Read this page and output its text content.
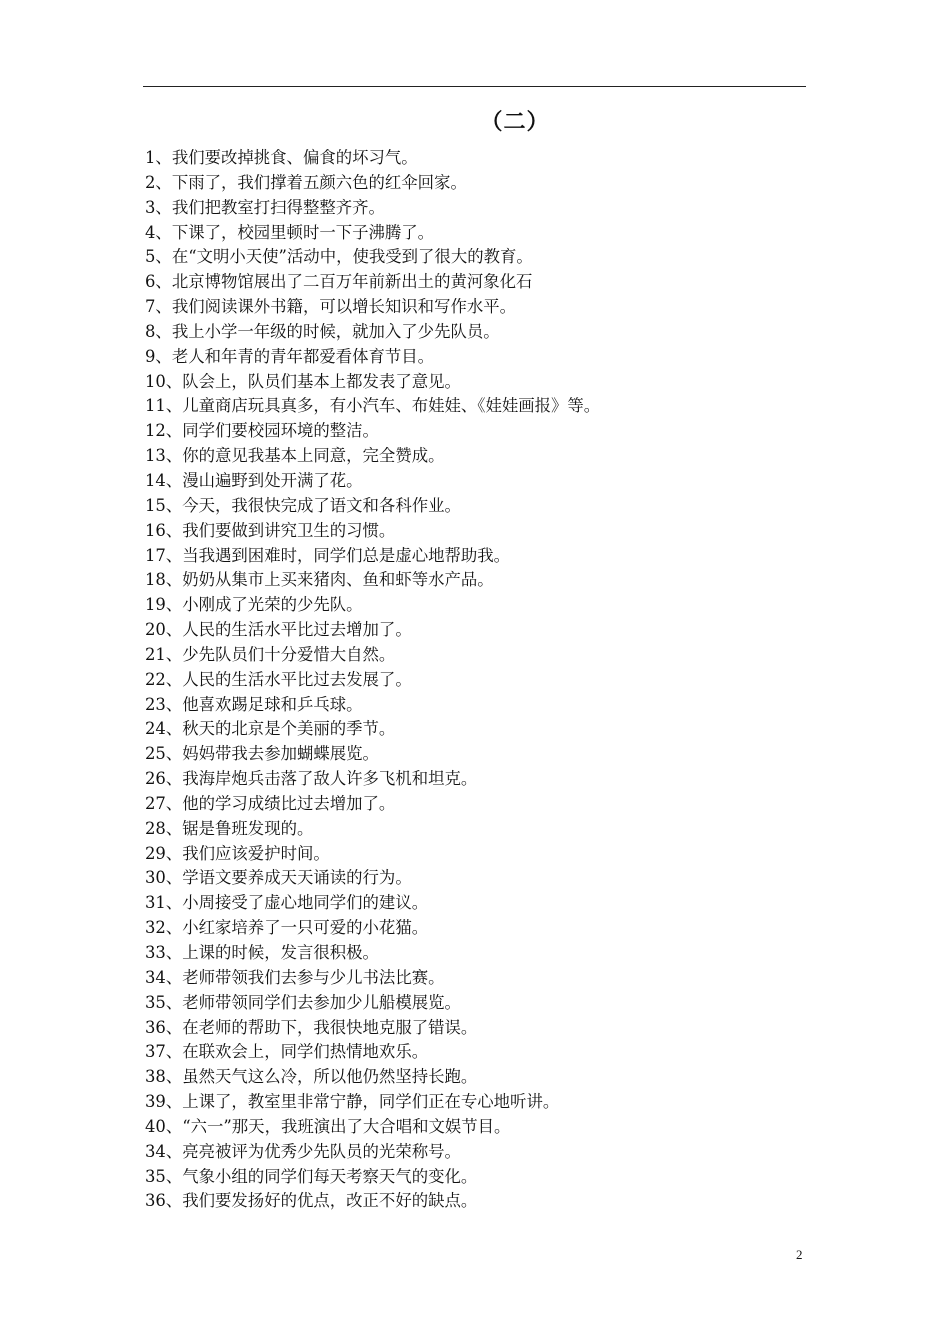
（二）
1、我们要改掉挑食、偏食的坏习气。
2、下雨了，我们撑着五颜六色的红伞回家。
3、我们把教室打扫得整整齐齐。
4、下课了，校园里顿时一下子沸腾了。
5、在“文明小天使”活动中，使我受到了很大的教育。
6、北京博物馆展出了二百万年前新出土的黄河象化石
7、我们阅读课外书籍，可以增长知识和写作水平。
8、我上小学一年级的时候，就加入了少先队员。
9、老人和年青的青年都爱看体育节目。
10、队会上，队员们基本上都发表了意见。
11、儿童商店玩具真多，有小汽车、布娃娃、《娃娃画报》等。
12、同学们要校园环境的整洁。
13、你的意见我基本上同意，完全赞成。
14、漫山遍野到处开满了花。
15、今天，我很快完成了语文和各科作业。
16、我们要做到讲究卫生的习惯。
17、当我遇到困难时，同学们总是虚心地帮助我。
18、奶奶从集市上买来猪肉、鱼和虾等水产品。
19、小刚成了光荣的少先队。
20、人民的生活水平比过去增加了。
21、少先队员们十分爱惜大自然。
22、人民的生活水平比过去发展了。
23、他喜欢踢足球和乒乓球。
24、秋天的北京是个美丽的季节。
25、妈妈带我去参加蝴蝶展览。
26、我海岸炮兵击落了敌人许多飞机和坦克。
27、他的学习成绩比过去增加了。
28、锯是鲁班发现的。
29、我们应该爱护时间。
30、学语文要养成天天诵读的行为。
31、小周接受了虚心地同学们的建议。
32、小红家培养了一只可爱的小花猫。
33、上课的时候，发言很积极。
34、老师带领我们去参与少儿书法比赛。
35、老师带领同学们去参加少儿船模展览。
36、在老师的帮助下，我很快地克服了错误。
37、在联欢会上，同学们热情地欢乐。
38、虽然天气这么冷，所以他仍然坚持长跑。
39、上课了，教室里非常宁静，同学们正在专心地听讲。
40、“六一”那天，我班演出了大合唱和文娱节目。
34、亮亮被评为优秀少先队员的光荣称号。
35、气象小组的同学们每天考察天气的变化。
36、我们要发扬好的优点，改正不好的缺点。
2
